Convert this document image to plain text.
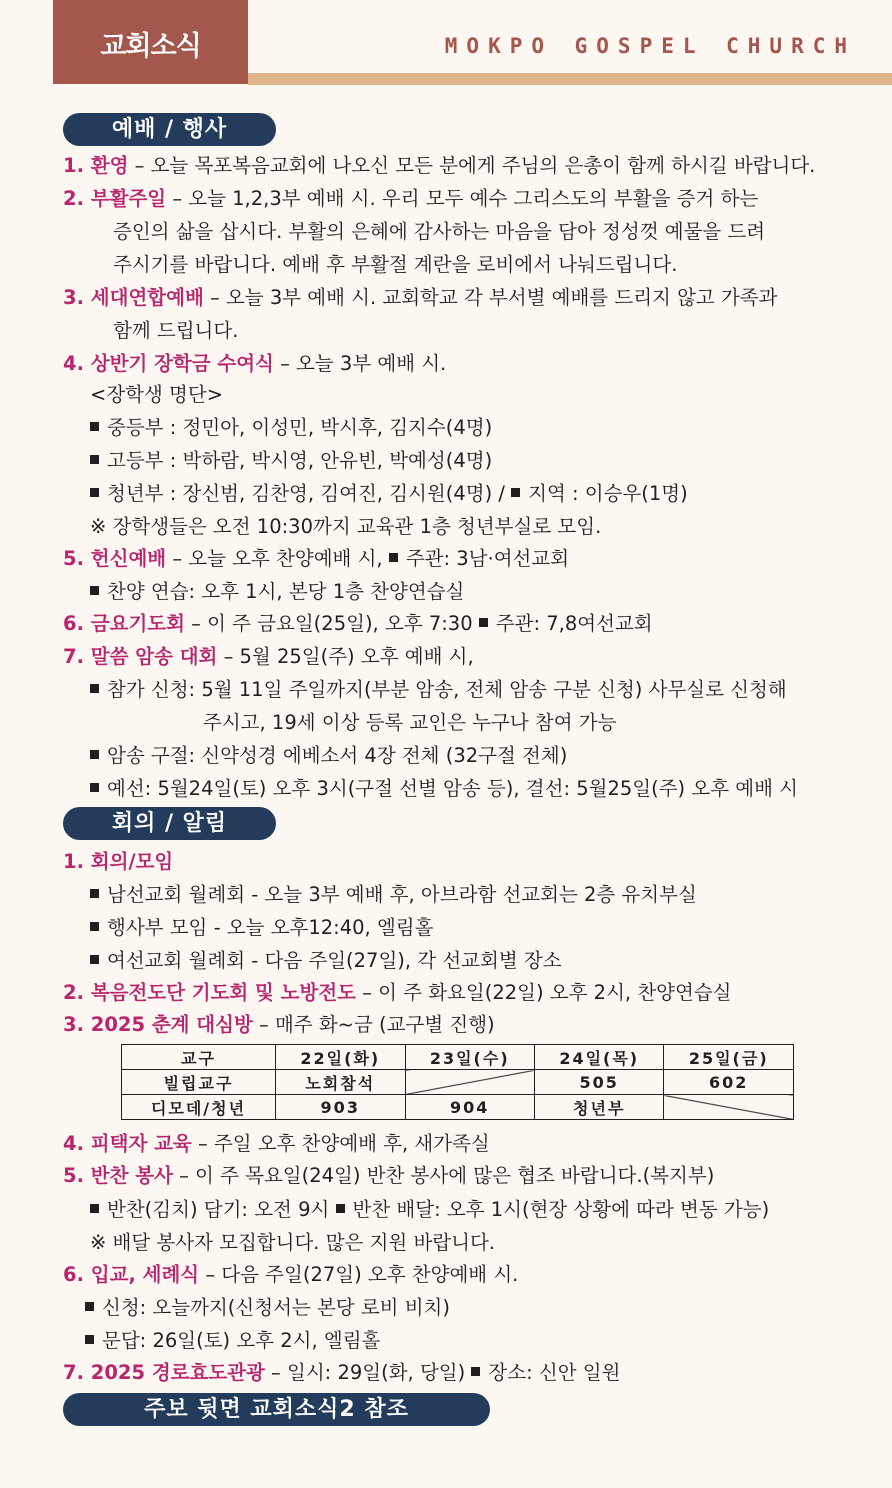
교회소식	MOKPO GOSPEL CHURCH
예배 / 행사
1. 환영 – 오늘 목포복음교회에 나오신 모든 분에게 주님의 은총이 함께 하시길 바랍니다.
2. 부활주일 – 오늘 1,2,3부 예배 시. 우리 모두 예수 그리스도의 부활을 증거 하는
증인의 삶을 삽시다. 부활의 은혜에 감사하는 마음을 담아 정성껏 예물을 드려
주시기를 바랍니다. 예배 후 부활절 계란을 로비에서 나눠드립니다.
3. 세대연합예배 – 오늘 3부 예배 시. 교회학교 각 부서별 예배를 드리지 않고 가족과
함께 드립니다.
4. 상반기 장학금 수여식 – 오늘 3부 예배 시.
<장학생 명단>
중등부 : 정민아, 이성민, 박시후, 김지수(4명)
고등부 : 박하람, 박시영, 안유빈, 박예성(4명)
청년부 : 장신범, 김찬영, 김여진, 김시원(4명) / 지역 : 이승우(1명)
※ 장학생들은 오전 10:30까지 교육관 1층 청년부실로 모임.
5. 헌신예배 – 오늘 오후 찬양예배 시, 주관: 3남·여선교회
찬양 연습: 오후 1시, 본당 1층 찬양연습실
6. 금요기도회 – 이 주 금요일(25일), 오후 7:30 주관: 7,8여선교회
7. 말씀 암송 대회 – 5월 25일(주) 오후 예배 시,
참가 신청: 5월 11일 주일까지(부분 암송, 전체 암송 구분 신청) 사무실로 신청해
주시고, 19세 이상 등록 교인은 누구나 참여 가능
암송 구절: 신약성경 에베소서 4장 전체 (32구절 전체)
예선: 5월24일(토) 오후 3시(구절 선별 암송 등), 결선: 5월25일(주) 오후 예배 시
회의 / 알림
1. 회의/모임
남선교회 월례회 - 오늘 3부 예배 후, 아브라함 선교회는 2층 유치부실
행사부 모임 - 오늘 오후12:40, 엘림홀
여선교회 월례회 - 다음 주일(27일), 각 선교회별 장소
2. 복음전도단 기도회 및 노방전도 – 이 주 화요일(22일) 오후 2시, 찬양연습실
3. 2025 춘계 대심방 – 매주 화~금 (교구별 진행)
교구	22일(화)	23일(수)	24일(목)	25일(금)
빌립교구	노회참석		505	602
디모데/청년	903	904	청년부	
4. 피택자 교육 – 주일 오후 찬양예배 후, 새가족실
5. 반찬 봉사 – 이 주 목요일(24일) 반찬 봉사에 많은 협조 바랍니다.(복지부)
반찬(김치) 담기: 오전 9시 반찬 배달: 오후 1시(현장 상황에 따라 변동 가능)
※ 배달 봉사자 모집합니다. 많은 지원 바랍니다.
6. 입교, 세례식 – 다음 주일(27일) 오후 찬양예배 시.
신청: 오늘까지(신청서는 본당 로비 비치)
문답: 26일(토) 오후 2시, 엘림홀
7. 2025 경로효도관광 – 일시: 29일(화, 당일) 장소: 신안 일원
주보 뒷면 교회소식2 참조
